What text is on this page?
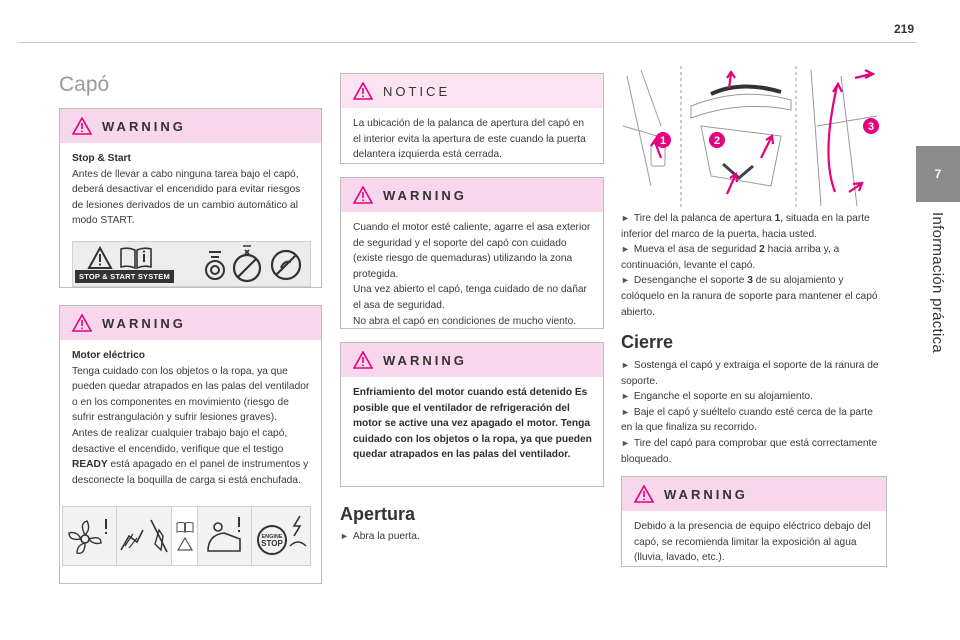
219
7
Información práctica
Capó
WARNING
Stop & Start
Antes de llevar a cabo ninguna tarea bajo el capó, deberá desactivar el encendido para evitar riesgos de lesiones derivados de un cambio automático al modo START.
STOP & START SYSTEM
WARNING
Motor eléctrico
Tenga cuidado con los objetos o la ropa, ya que pueden quedar atrapados en las palas del ventilador o en los componentes en movimiento (riesgo de sufrir estrangulación y sufrir lesiones graves).
Antes de realizar cualquier trabajo bajo el capó, desactive el encendido, verifique que el testigo READY está apagado en el panel de instrumentos y desconecte la boquilla de carga si está enchufada.
ENGINE
STOP
NOTICE
La ubicación de la palanca de apertura del capó en el interior evita la apertura de este cuando la puerta delantera izquierda está cerrada.
WARNING
Cuando el motor esté caliente, agarre el asa exterior de seguridad y el soporte del capó con cuidado (existe riesgo de quemaduras) utilizando la zona protegida.
Una vez abierto el capó, tenga cuidado de no dañar el asa de seguridad.
No abra el capó en condiciones de mucho viento.
WARNING
Enfriamiento del motor cuando está detenido Es posible que el ventilador de refrigeración del motor se active una vez apagado el motor. Tenga cuidado con los objetos o la ropa, ya que pueden quedar atrapados en las palas del ventilador.
Apertura
► Abra la puerta.
1	2
3
► Tire del la palanca de apertura 1, situada en la parte inferior del marco de la puerta, hacia usted.
► Mueva el asa de seguridad 2 hacia arriba y, a continuación, levante el capó.
► Desenganche el soporte 3 de su alojamiento y colóquelo en la ranura de soporte para mantener el capó abierto.
Cierre
► Sostenga el capó y extraiga el soporte de la ranura de soporte.
► Enganche el soporte en su alojamiento.
► Baje el capó y suéltelo cuando esté cerca de la parte en la que finaliza su recorrido.
► Tire del capó para comprobar que está correctamente bloqueado.
WARNING
Debido a la presencia de equipo eléctrico debajo del capó, se recomienda limitar la exposición al agua (lluvia, lavado, etc.).
